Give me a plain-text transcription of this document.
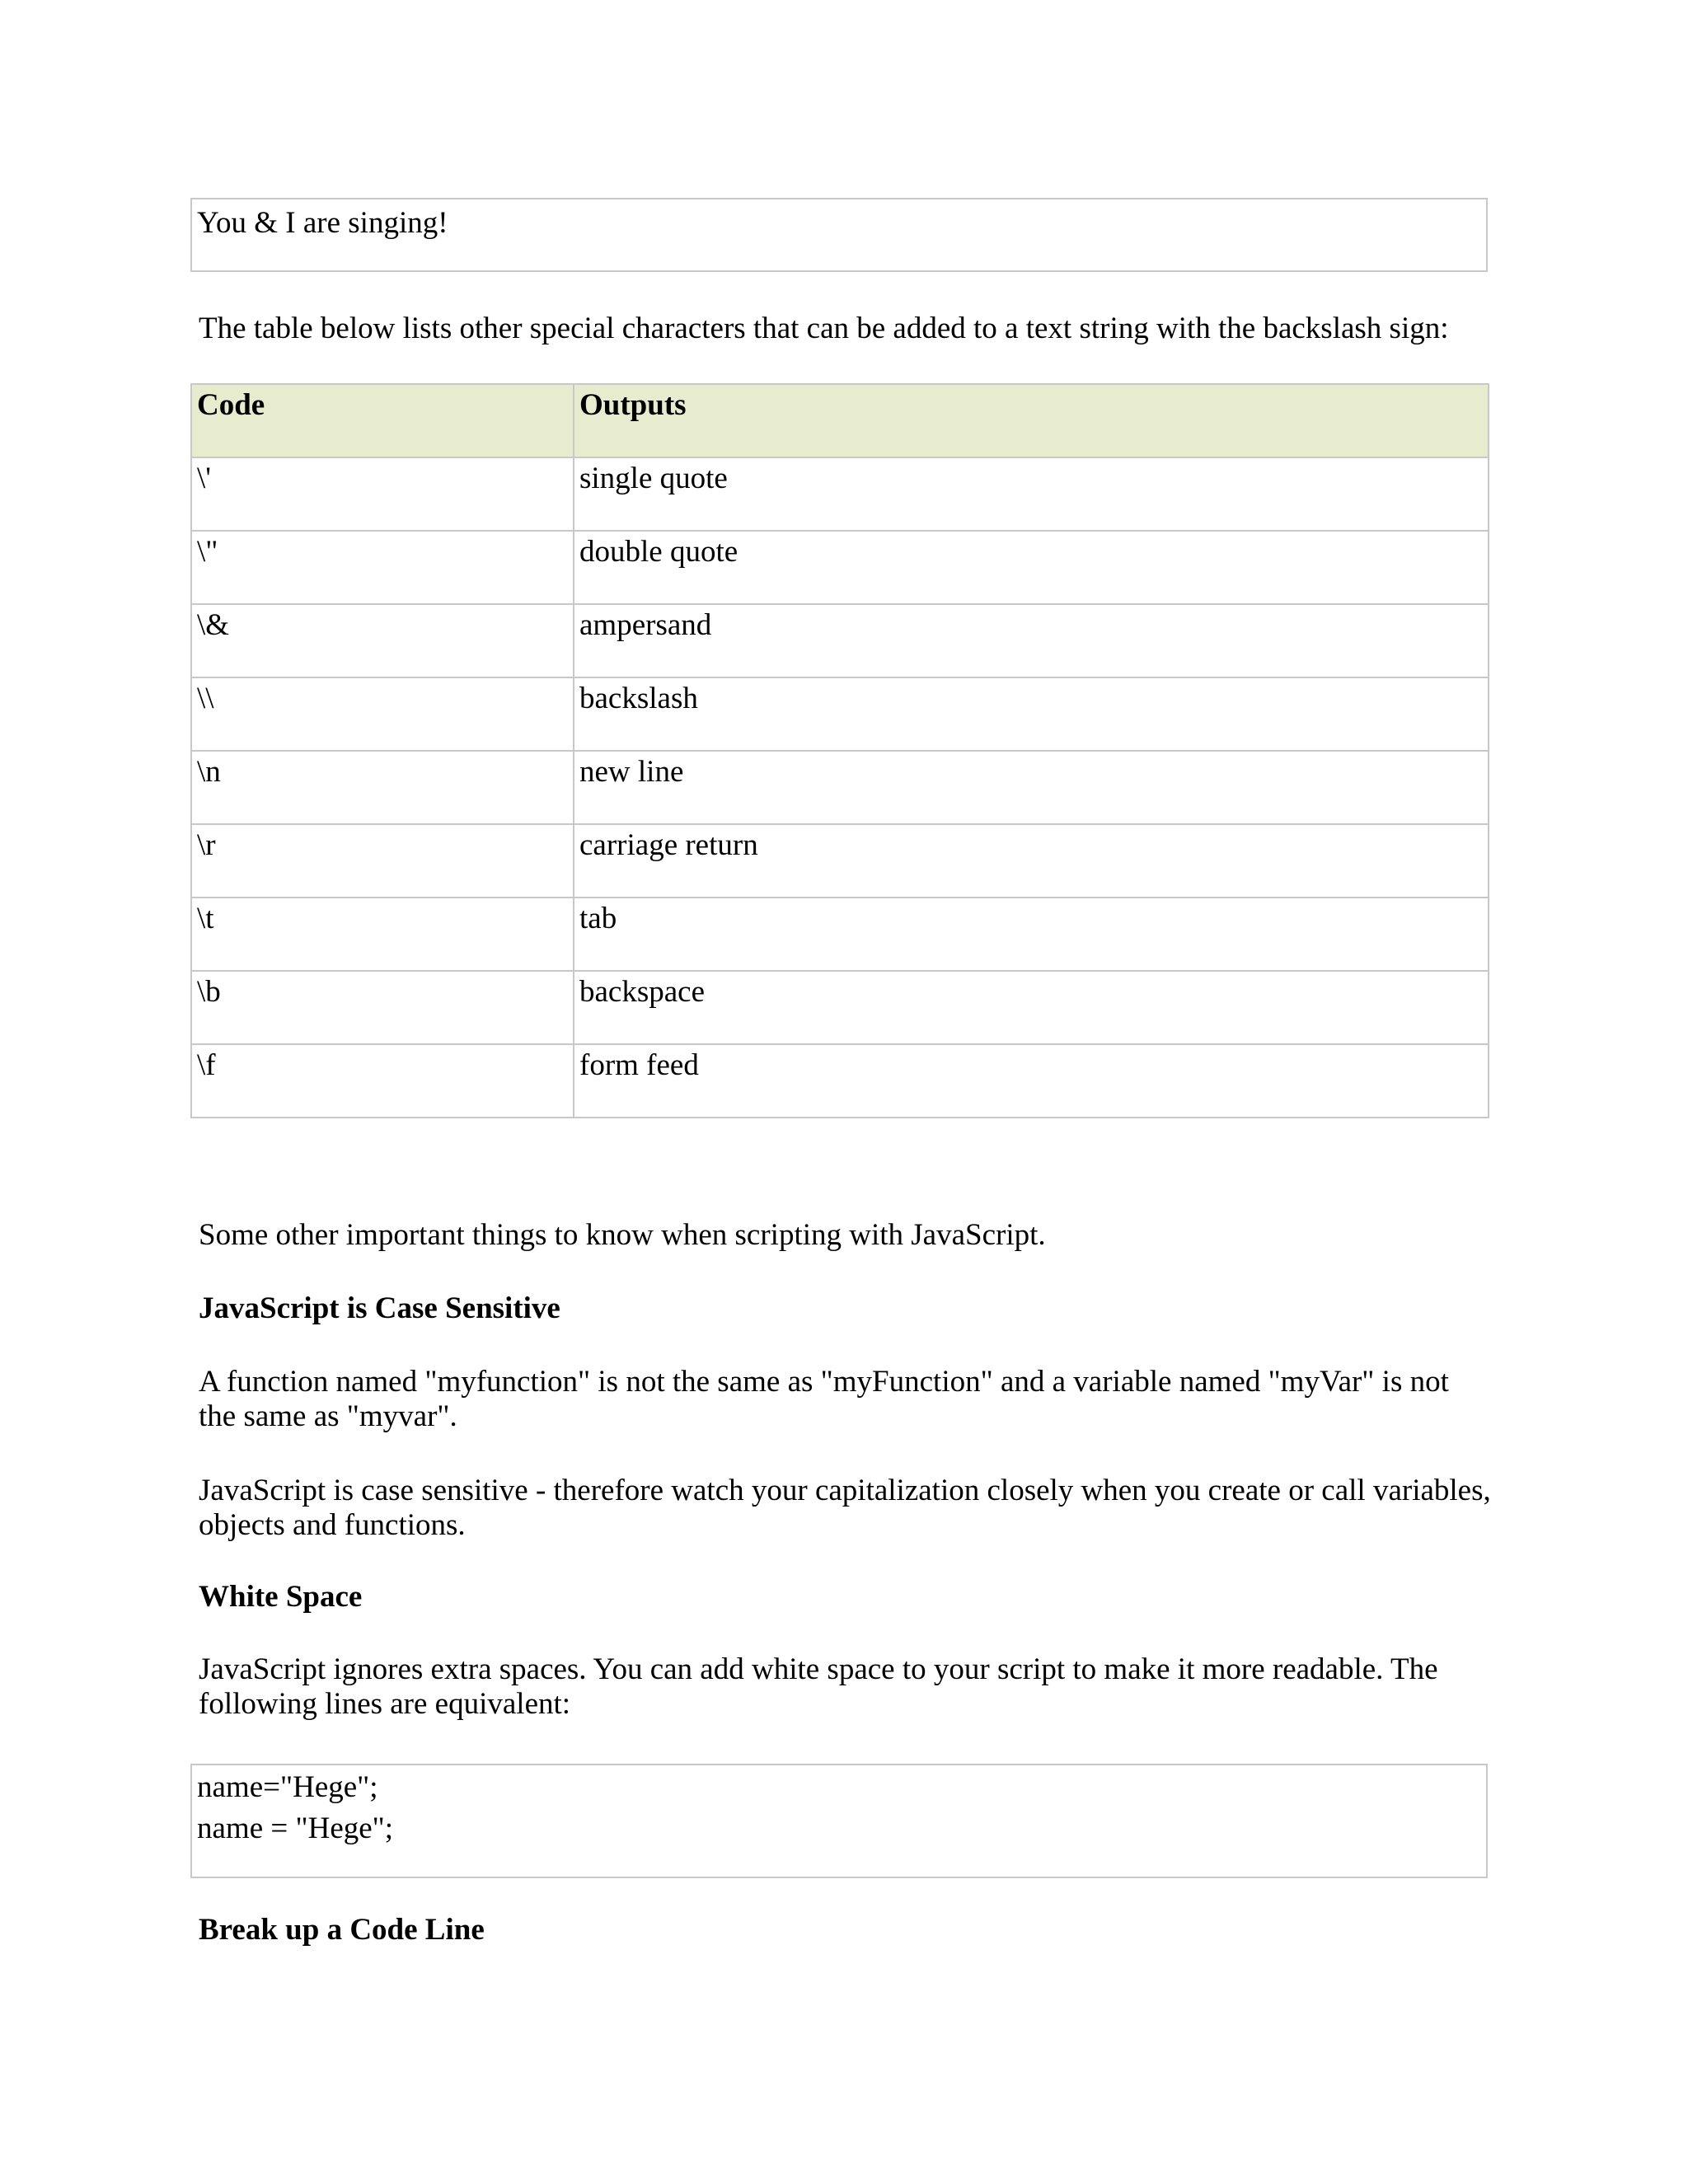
You & I are singing!

The table below lists other special characters that can be added to a text string with the backslash sign:

Code	Outputs
\'	single quote
\"	double quote
\&	ampersand
\\	backslash
\n	new line
\r	carriage return
\t	tab
\b	backspace
\f	form feed

Some other important things to know when scripting with JavaScript.

JavaScript is Case Sensitive

A function named "myfunction" is not the same as "myFunction" and a variable named "myVar" is not the same as "myvar".

JavaScript is case sensitive - therefore watch your capitalization closely when you create or call variables, objects and functions.

White Space

JavaScript ignores extra spaces. You can add white space to your script to make it more readable. The following lines are equivalent:

name="Hege";
name = "Hege";
Break up a Code Line
